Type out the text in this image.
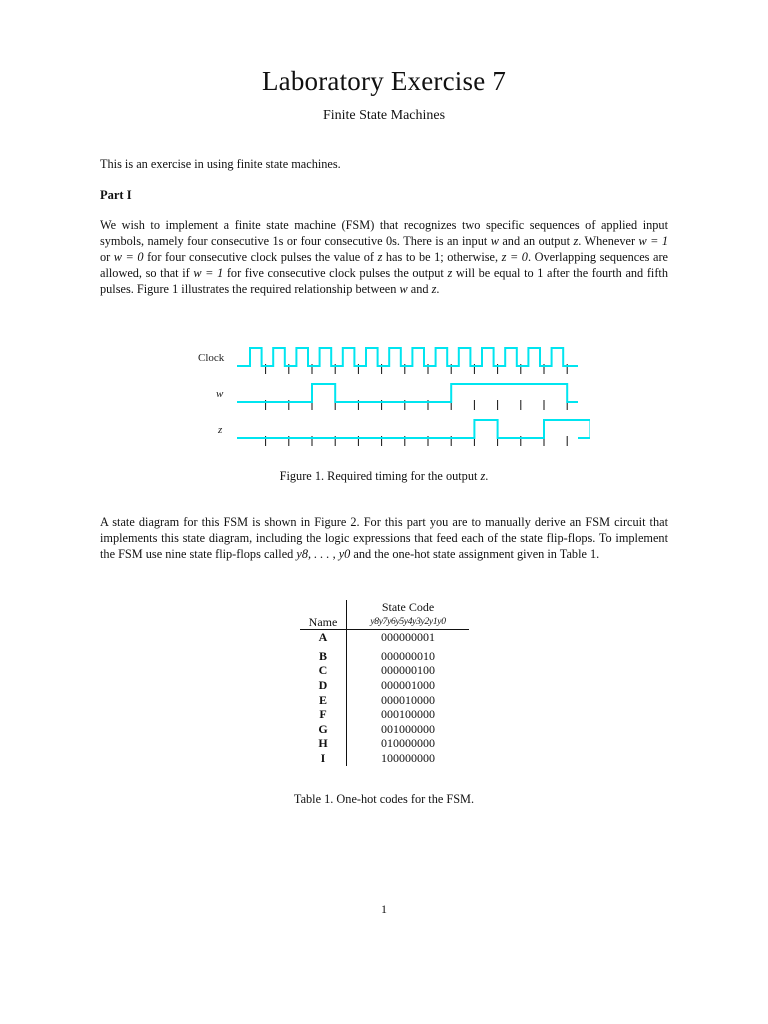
Laboratory Exercise 7
Finite State Machines

This is an exercise in using finite state machines.

Part I

We wish to implement a finite state machine (FSM) that recognizes two specific sequences of applied input symbols, namely four consecutive 1s or four consecutive 0s. There is an input w and an output z. Whenever w = 1 or w = 0 for four consecutive clock pulses the value of z has to be 1; otherwise, z = 0. Overlapping sequences are allowed, so that if w = 1 for five consecutive clock pulses the output z will be equal to 1 after the fourth and fifth pulses. Figure 1 illustrates the required relationship between w and z.

Clock
w
z
Figure 1. Required timing for the output z.

A state diagram for this FSM is shown in Figure 2. For this part you are to manually derive an FSM circuit that implements this state diagram, including the logic expressions that feed each of the state flip-flops. To implement the FSM use nine state flip-flops called y8, . . . , y0 and the one-hot state assignment given in Table 1.

	State Code
Name	y8y7y6y5y4y3y2y1y0
A	000000001
B	000000010
C	000000100
D	000001000
E	000010000
F	000100000
G	001000000
H	010000000
I	100000000
Table 1. One-hot codes for the FSM.
1
